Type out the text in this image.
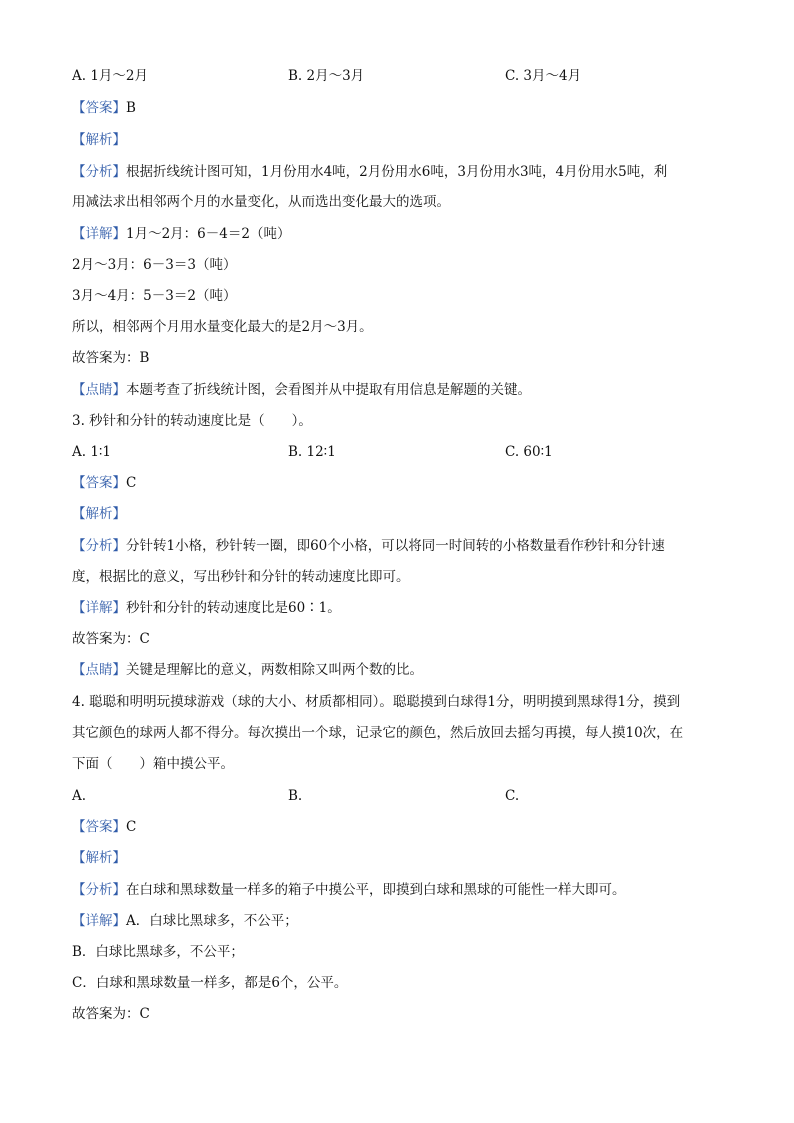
A. 1月～2月	B. 2月～3月	C. 3月～4月
【答案】B
【解析】
【分析】根据折线统计图可知，1月份用水4吨，2月份用水6吨，3月份用水3吨，4月份用水5吨，利
用减法求出相邻两个月的水量变化，从而选出变化最大的选项。
【详解】1月～2月：6－4＝2（吨）
2月～3月：6－3＝3（吨）
3月～4月：5－3＝2（吨）
所以，相邻两个月用水量变化最大的是2月～3月。
故答案为：B
【点睛】本题考查了折线统计图，会看图并从中提取有用信息是解题的关键。
3. 秒针和分针的转动速度比是（　　）。
A. 1∶1	B. 12∶1	C. 60∶1
【答案】C
【解析】
【分析】分针转1小格，秒针转一圈，即60个小格，可以将同一时间转的小格数量看作秒针和分针速
度，根据比的意义，写出秒针和分针的转动速度比即可。
【详解】秒针和分针的转动速度比是60∶1。
故答案为：C
【点睛】关键是理解比的意义，两数相除又叫两个数的比。
4. 聪聪和明明玩摸球游戏（球的大小、材质都相同）。聪聪摸到白球得1分，明明摸到黑球得1分，摸到
其它颜色的球两人都不得分。每次摸出一个球，记录它的颜色，然后放回去摇匀再摸，每人摸10次，在
下面（　　）箱中摸公平。
A.	B.	C.
【答案】C
【解析】
【分析】在白球和黑球数量一样多的箱子中摸公平，即摸到白球和黑球的可能性一样大即可。
【详解】A．白球比黑球多，不公平；
B．白球比黑球多，不公平；
C．白球和黑球数量一样多，都是6个，公平。
故答案为：C
